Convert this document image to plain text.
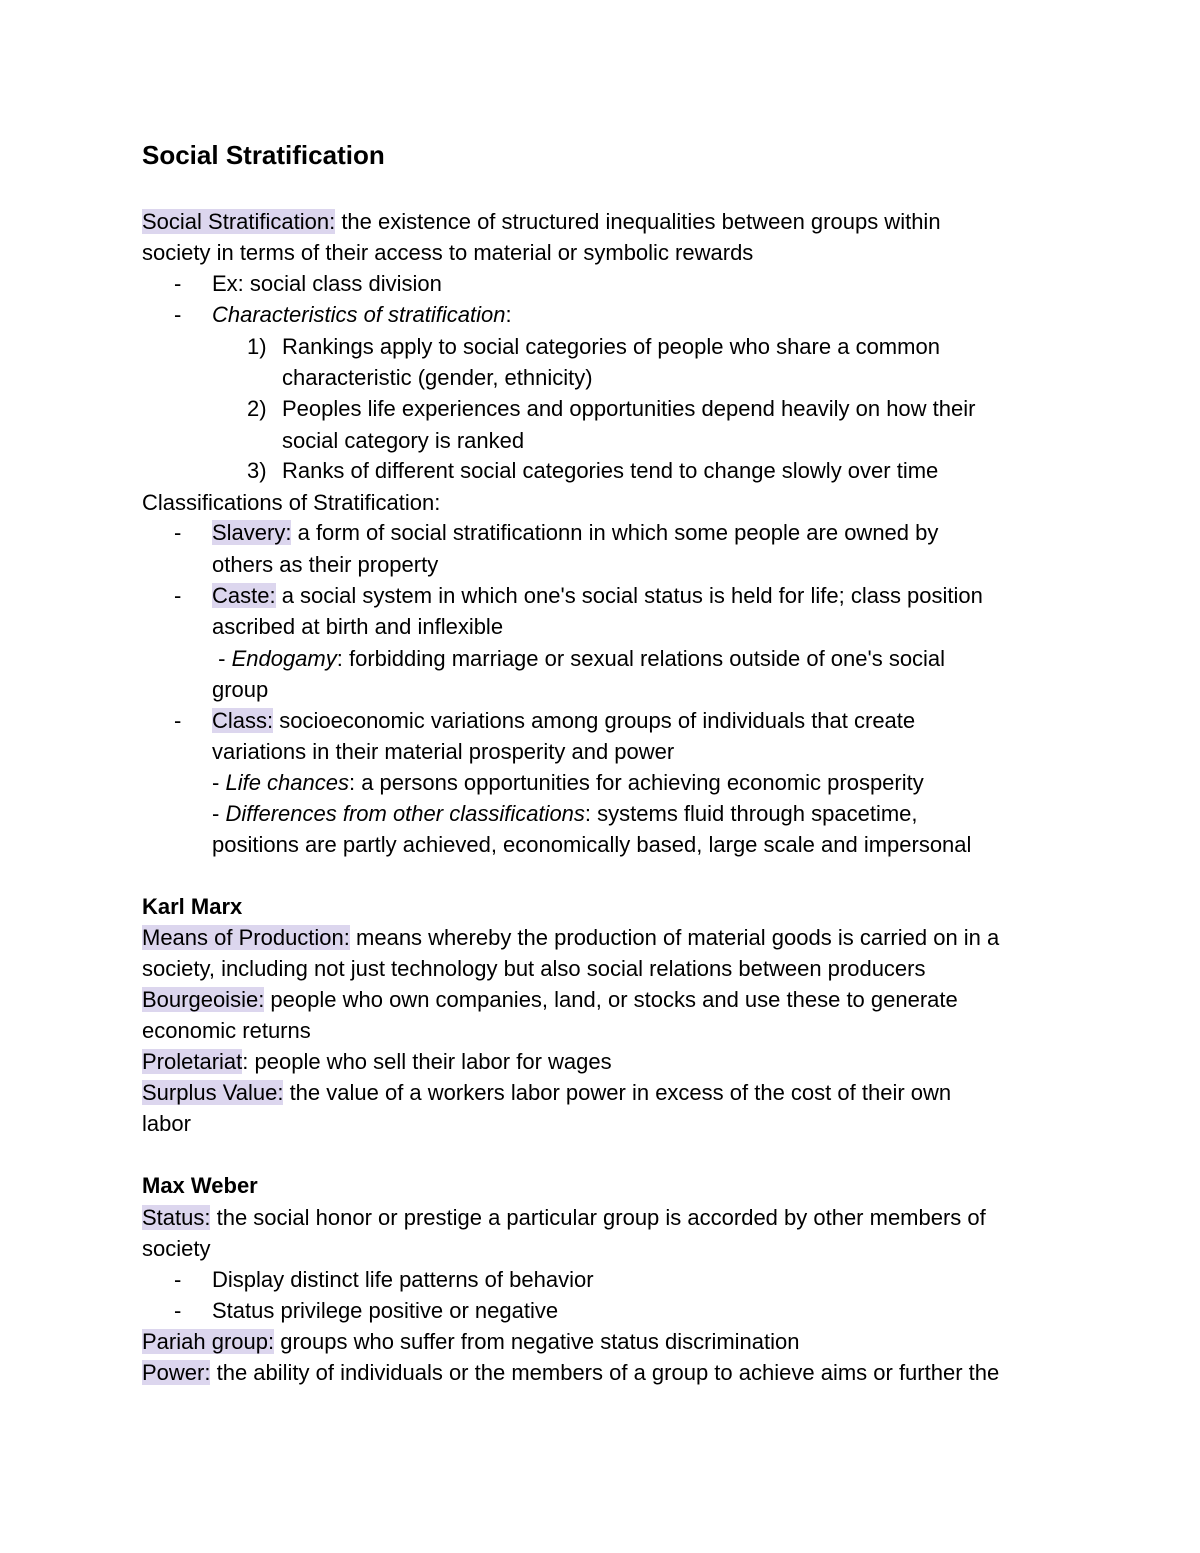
Social Stratification
Social Stratification: the existence of structured inequalities between groups within
society in terms of their access to material or symbolic rewards
- Ex: social class division
- Characteristics of stratification:
1) Rankings apply to social categories of people who share a common
characteristic (gender, ethnicity)
2) Peoples life experiences and opportunities depend heavily on how their
social category is ranked
3) Ranks of different social categories tend to change slowly over time
Classifications of Stratification:
- Slavery: a form of social stratificationn in which some people are owned by
others as their property
- Caste: a social system in which one's social status is held for life; class position
ascribed at birth and inflexible
- Endogamy: forbidding marriage or sexual relations outside of one's social
group
- Class: socioeconomic variations among groups of individuals that create
variations in their material prosperity and power
- Life chances: a persons opportunities for achieving economic prosperity
- Differences from other classifications: systems fluid through spacetime,
positions are partly achieved, economically based, large scale and impersonal
Karl Marx
Means of Production: means whereby the production of material goods is carried on in a
society, including not just technology but also social relations between producers
Bourgeoisie: people who own companies, land, or stocks and use these to generate
economic returns
Proletariat: people who sell their labor for wages
Surplus Value: the value of a workers labor power in excess of the cost of their own
labor
Max Weber
Status: the social honor or prestige a particular group is accorded by other members of
society
- Display distinct life patterns of behavior
- Status privilege positive or negative
Pariah group: groups who suffer from negative status discrimination
Power: the ability of individuals or the members of a group to achieve aims or further the
